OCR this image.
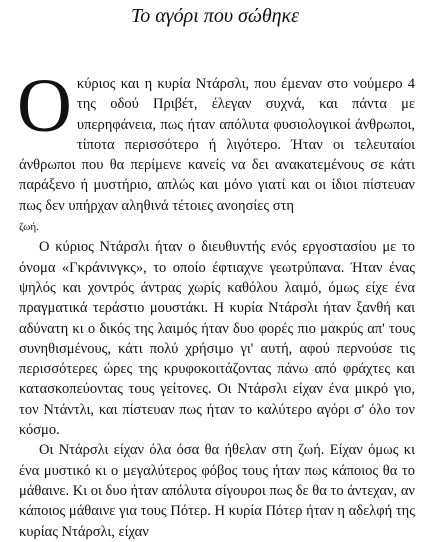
Το αγόρι που σώθηκε

Οκύριος και η κυρία Ντάρσλι, που έμεναν στο νούμερο 4 της οδού Πριβέτ, έλεγαν συχνά, και πάντα με υπερηφάνεια, πως ήταν απόλυτα φυσιολογικοί άνθρωποι, τίποτα περισσότερο ή λιγότερο. Ήταν οι τελευταίοι άνθρωποι που θα περίμενε κανείς να δει ανακατεμένους σε κάτι παράξενο ή μυστήριο, απλώς και μόνο γιατί και οι ίδιοι πίστευαν πως δεν υπήρχαν αληθινά τέτοιες ανοησίες στη
ζωή.

Ο κύριος Ντάρσλι ήταν ο διευθυντής ενός εργοστασίου με το όνομα «Γκράνινγκς», το οποίο έφτιαχνε γεωτρύπανα. Ήταν ένας ψηλός και χοντρός άντρας χωρίς καθόλου λαιμό, όμως είχε ένα πραγματικά τεράστιο μουστάκι. Η κυρία Ντάρσλι ήταν ξανθή και αδύνατη κι ο δικός της λαιμός ήταν δυο φορές πιο μακρύς απ' τους συνηθισμένους, κάτι πολύ χρήσιμο γι' αυτή, αφού περνούσε τις περισσότερες ώρες της κρυφοκοιτάζοντας πάνω από φράχτες και κατασκοπεύοντας τους γείτονες. Οι Ντάρσλι είχαν ένα μικρό γιο, τον Ντάντλι, και πίστευαν πως ήταν το καλύτερο αγόρι σ' όλο τον κόσμο.

Οι Ντάρσλι είχαν όλα όσα θα ήθελαν στη ζωή. Είχαν όμως κι ένα μυστικό κι ο μεγαλύτερος φόβος τους ήταν πως κάποιος θα το μάθαινε. Κι οι δυο ήταν απόλυτα σίγουροι πως δε θα το άντεχαν, αν κάποιος μάθαινε για τους Πότερ. Η κυρία Πότερ ήταν η αδελφή της κυρίας Ντάρσλι, είχαν
